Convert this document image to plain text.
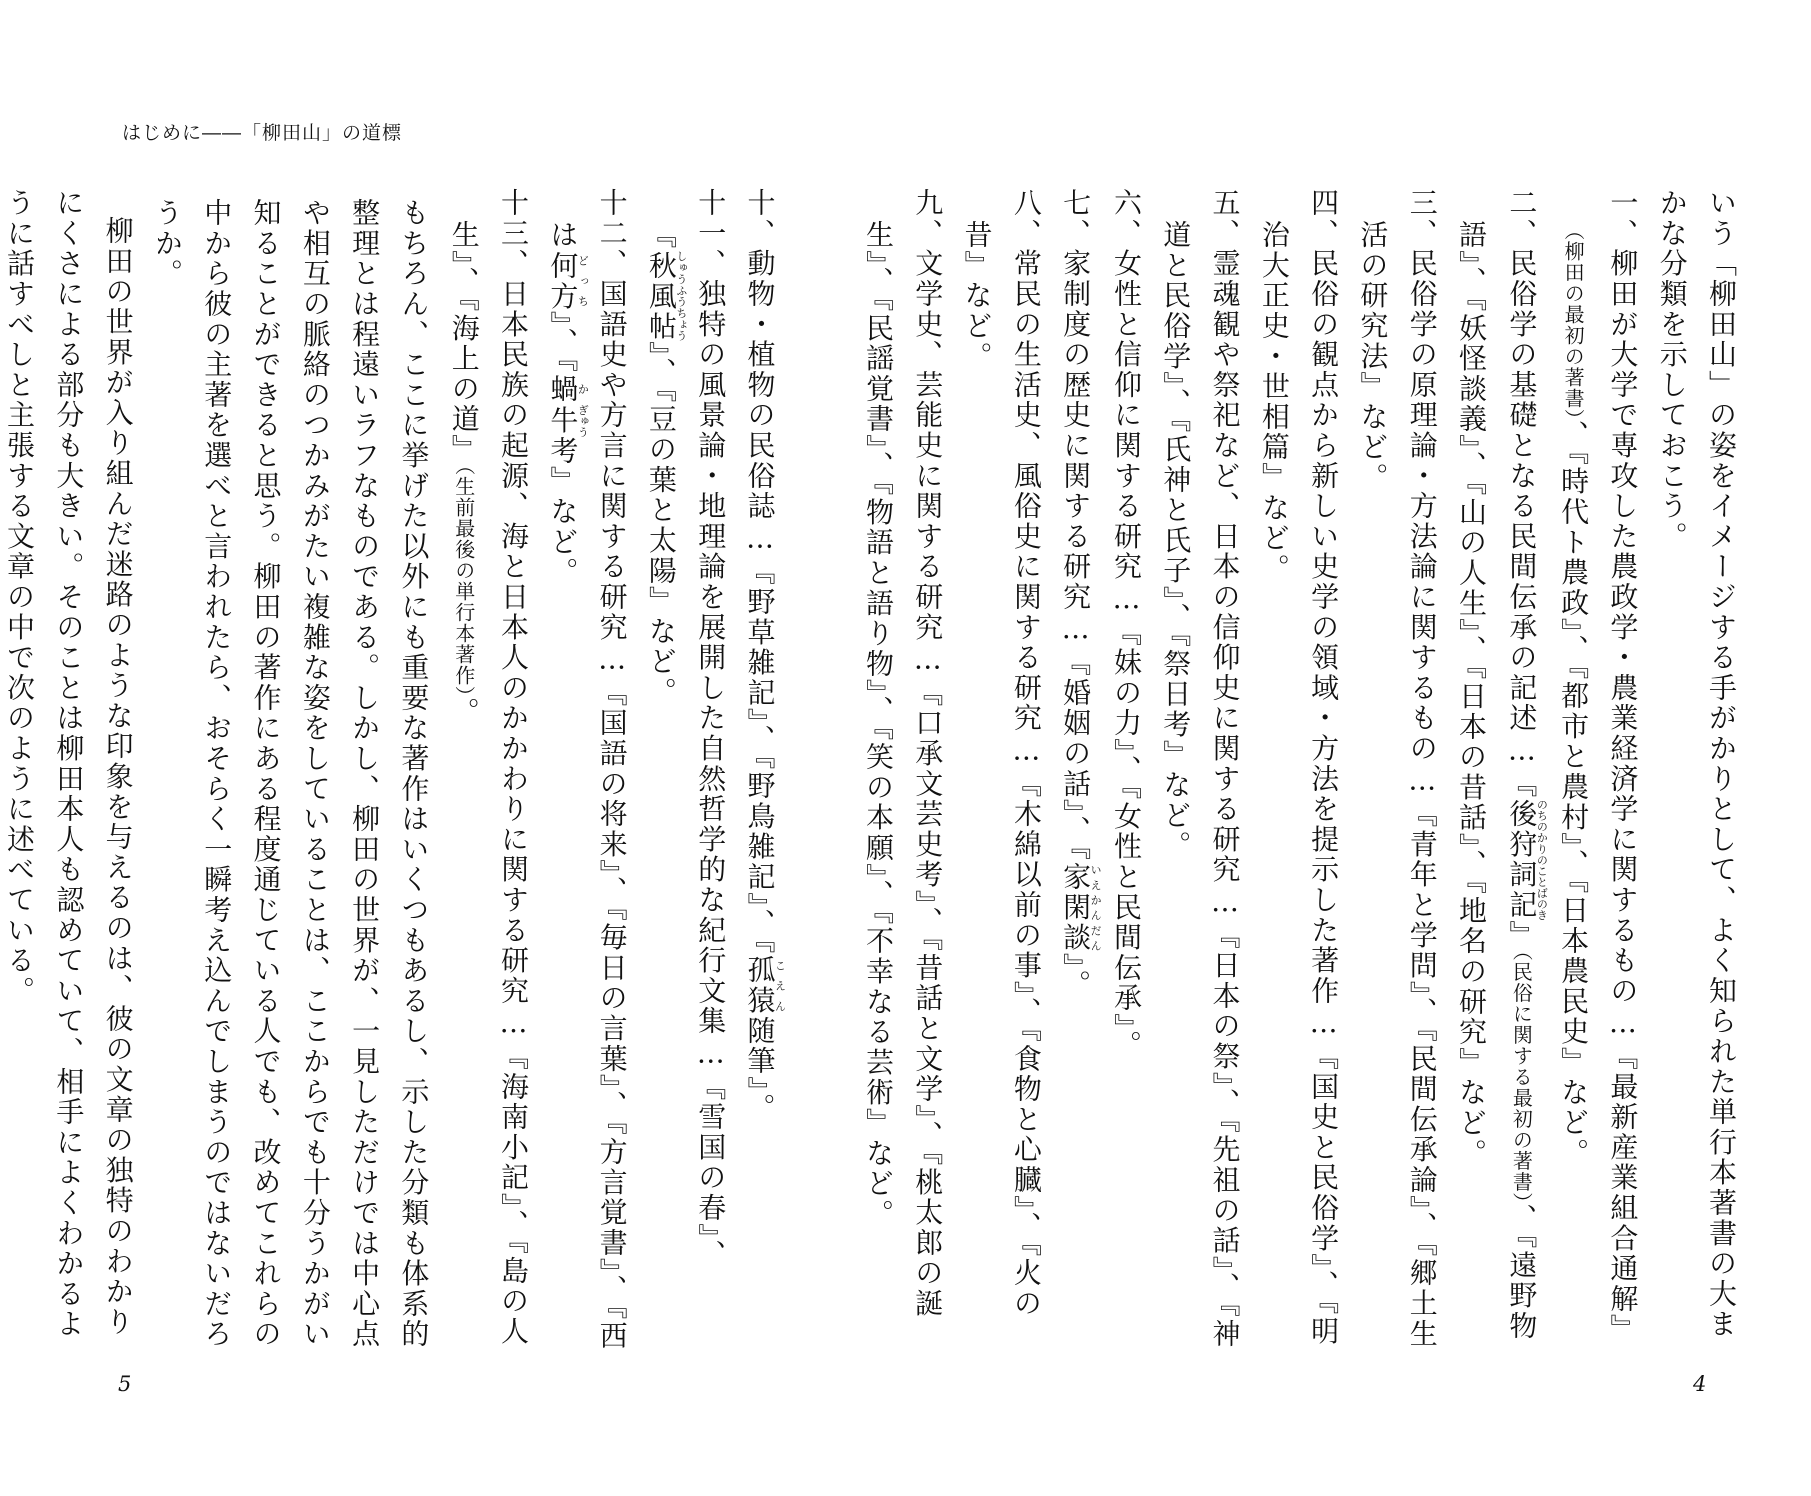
はじめに――「柳田山」の道標

十、動物・植物の民俗誌…『野草雑記』、『野鳥雑記』、『孤猿こえん随筆』。

十一、独特の風景論・地理論を展開した自然哲学的な紀行文集…『雪国の春』、『秋風帖しゅうふうちょう』、『豆の葉と太陽』など。

十二、国語史や方言に関する研究…『国語の将来』、『毎日の言葉』、『方言覚書』、『西は何方どっち』、『蝸か牛ぎゅう考』など。

十三、日本民族の起源、海と日本人のかかわりに関する研究…『海南小記』、『島の人生』、『海上の道』（生前最後の単行本著作）。

もちろん、ここに挙げた以外にも重要な著作はいくつもあるし、示した分類も体系的整理とは程遠いラフなものである。しかし、柳田の世界が、一見しただけでは中心点や相互の脈絡のつかみがたい複雑な姿をしていることは、ここからでも十分うかがい知ることができると思う。柳田の著作にある程度通じている人でも、改めてこれらの中から彼の主著を選べと言われたら、おそらく一瞬考え込んでしまうのではないだろうか。

柳田の世界が入り組んだ迷路のような印象を与えるのは、彼の文章の独特のわかりにくさによる部分も大きい。そのことは柳田本人も認めていて、相手によくわかるように話すべしと主張する文章の中で次のように述べている。

5

いう「柳田山」の姿をイメージする手がかりとして、よく知られた単行本著書の大まかな分類を示しておこう。

一、柳田が大学で専攻した農政学・農業経済学に関するもの…『最新産業組合通解』（柳田の最初の著書）、『時代ト農政』、『都市と農村』、『日本農民史』など。

二、民俗学の基礎となる民間伝承の記述…『後狩詞記のちのかりのことばのき』（民俗に関する最初の著書）、『遠野物語』、『妖怪談義』、『山の人生』、『日本の昔話』、『地名の研究』など。

三、民俗学の原理論・方法論に関するもの…『青年と学問』、『民間伝承論』、『郷土生活の研究法』など。

四、民俗の観点から新しい史学の領域・方法を提示した著作…『国史と民俗学』、『明治大正史・世相篇』など。

五、霊魂観や祭祀など、日本の信仰史に関する研究…『日本の祭』、『先祖の話』、『神道と民俗学』、『氏神と氏子』、『祭日考』など。

六、女性と信仰に関する研究…『妹の力』、『女性と民間伝承』。

七、家制度の歴史に関する研究…『婚姻の話』、『家閑談いえかんだん』。

八、常民の生活史、風俗史に関する研究…『木綿以前の事』、『食物と心臓』、『火の昔』など。

九、文学史、芸能史に関する研究…『口承文芸史考』、『昔話と文学』、『桃太郎の誕生』、『民謡覚書』、『物語と語り物』、『笑の本願』、『不幸なる芸術』など。

4
